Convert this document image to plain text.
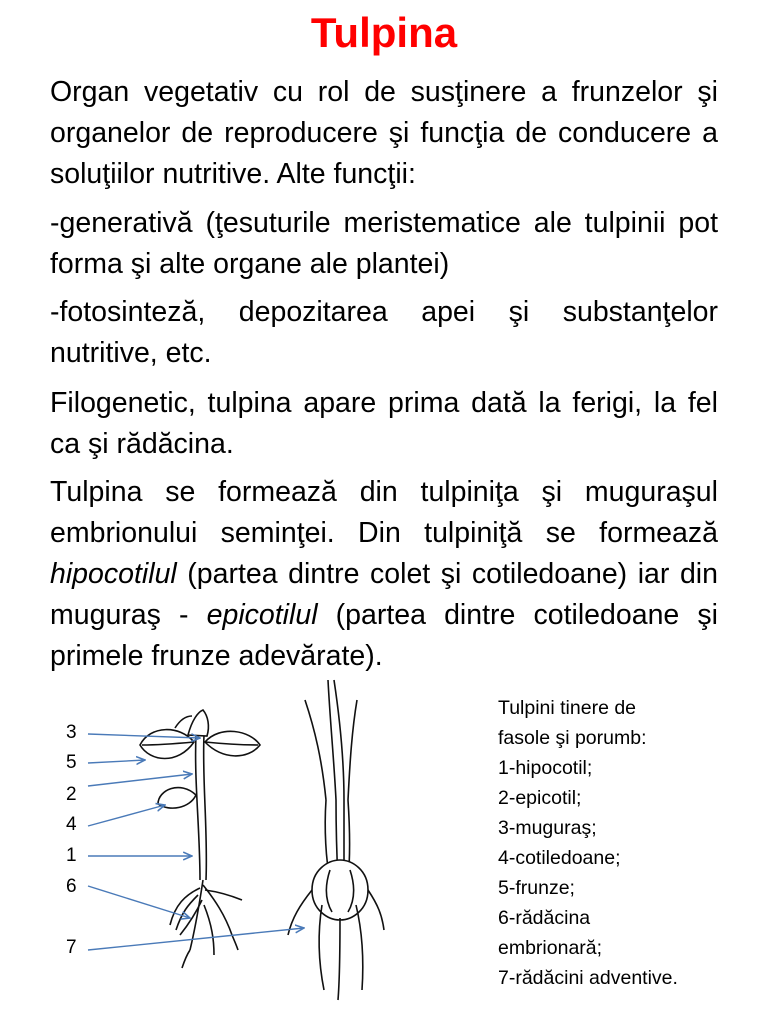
Tulpina
Organ vegetativ cu rol de susţinere a frunzelor şi organelor de reproducere şi funcţia de conducere a soluţiilor nutritive. Alte funcţii:
-generativă (ţesuturile meristematice ale tulpinii pot forma şi alte organe ale plantei)
-fotosinteză, depozitarea apei şi substanţelor nutritive, etc.
Filogenetic, tulpina apare prima dată la ferigi, la fel ca şi rădăcina.
Tulpina se formează din tulpiniţa şi muguraşul embrionului seminţei. Din tulpiniţă se formează hipocotilul (partea dintre colet şi cotiledoane) iar din muguraş - epicotilul (partea dintre cotiledoane şi primele frunze adevărate).
3
5
2
4
1
6
7
Tulpini tinere de
fasole şi porumb:
1-hipocotil;
2-epicotil;
3-muguraş;
4-cotiledoane;
5-frunze;
6-rădăcina
embrionară;
7-rădăcini adventive.
